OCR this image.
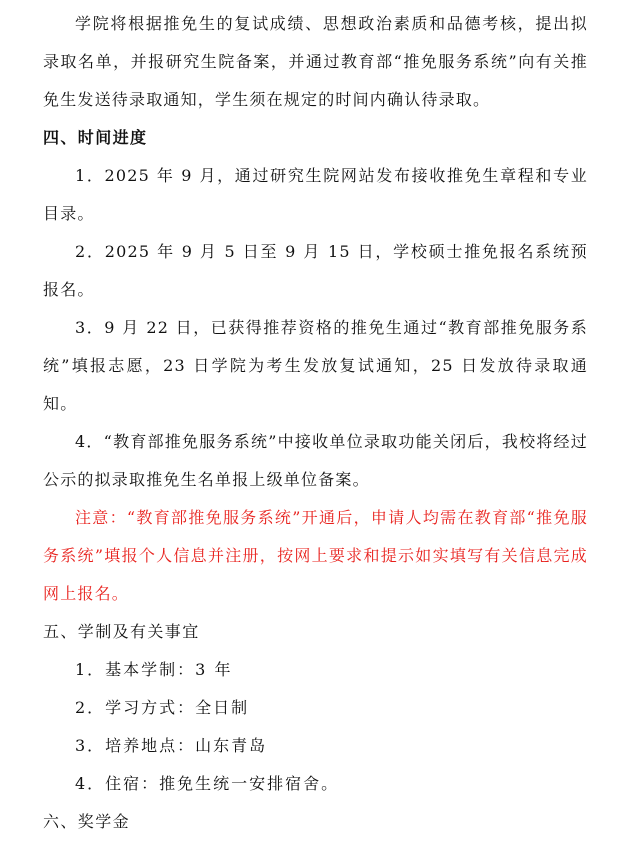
学院将根据推免生的复试成绩、思想政治素质和品德考核，提出拟录取名单，并报研究生院备案，并通过教育部“推免服务系统”向有关推免生发送待录取通知，学生须在规定的时间内确认待录取。

四、时间进度

1．2025 年 9 月，通过研究生院网站发布接收推免生章程和专业目录。

2．2025 年 9 月 5 日至 9 月 15 日，学校硕士推免报名系统预报名。

3．9 月 22 日，已获得推荐资格的推免生通过“教育部推免服务系统”填报志愿，23 日学院为考生发放复试通知，25 日发放待录取通知。

4．“教育部推免服务系统”中接收单位录取功能关闭后，我校将经过公示的拟录取推免生名单报上级单位备案。

注意：“教育部推免服务系统”开通后，申请人均需在教育部“推免服务系统”填报个人信息并注册，按网上要求和提示如实填写有关信息完成网上报名。

五、学制及有关事宜

1．基本学制：3 年

2．学习方式：全日制

3．培养地点：山东青岛

4．住宿：推免生统一安排宿舍。

六、奖学金
